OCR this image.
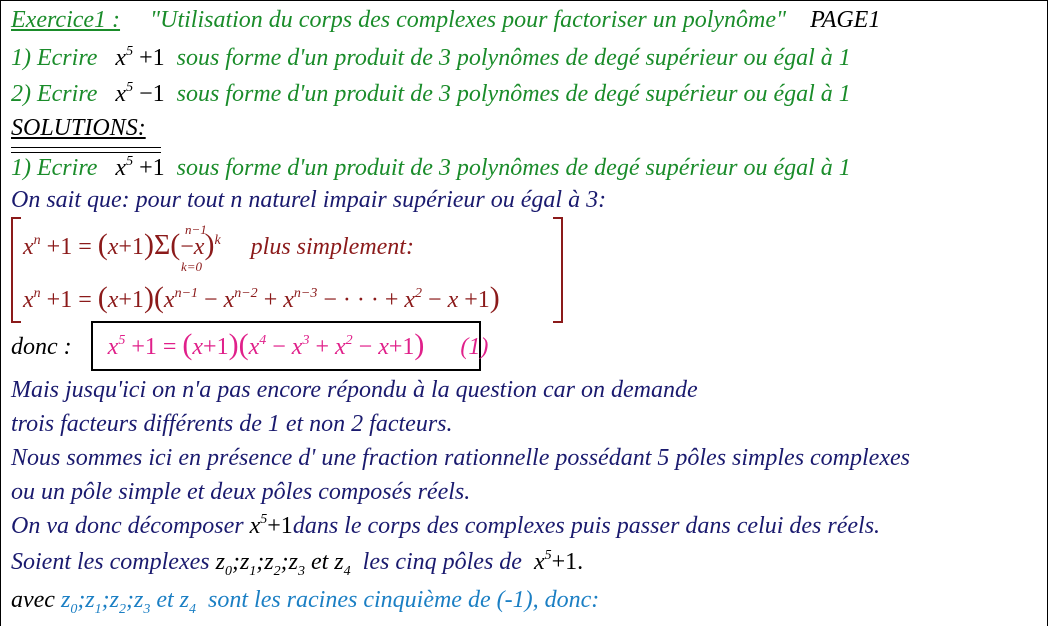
Exercice1 : "Utilisation du corps des complexes pour factoriser un polynôme" PAGE1
1) Ecrire   $x^5 +1$ sous forme d'un produit de 3 polynômes de degé supérieur ou égal à 1
2) Ecrire   $x^5 -1$ sous forme d'un produit de 3 polynômes de degé supérieur ou égal à 1
SOLUTIONS:
1) Ecrire   $x^5 +1$ sous forme d'un produit de 3 polynômes de degé supérieur ou égal à 1
On sait que: pour tout n naturel impair supérieur ou égal à 3:
n−1
k=0
$x^n +1 = (x+1)\Sigma(-x)^k$ plus simplement:
$x^n +1 = (x+1)(x^{n-1} - x^{n-2} + x^{n-3}$ − · · · + $x^2 - x +1$)
donc : $x^5 +1 = (x+1)(x^4 - x^3 + x^2 - x+1)$ (1)
Mais jusqu'ici on n'a pas encore répondu à la question car on demande
trois facteurs différents de 1 et non 2 facteurs.
Nous sommes ici en présence d' une fraction rationnelle possédant 5 pôles simples complexes
ou un pôle simple et deux pôles composés réels.
On va donc décomposer $x^5+1dans$ le corps des complexes puis passer dans celui des réels.
Soient les complexes $z_0;z_1;z_2;z_3$ et $z_4$ les cinq pôles de  $x^5+1$.
avec $z_0;z_1;z_2;z_3$ et $z_4$ sont les racines cinquième de (-1), donc:
